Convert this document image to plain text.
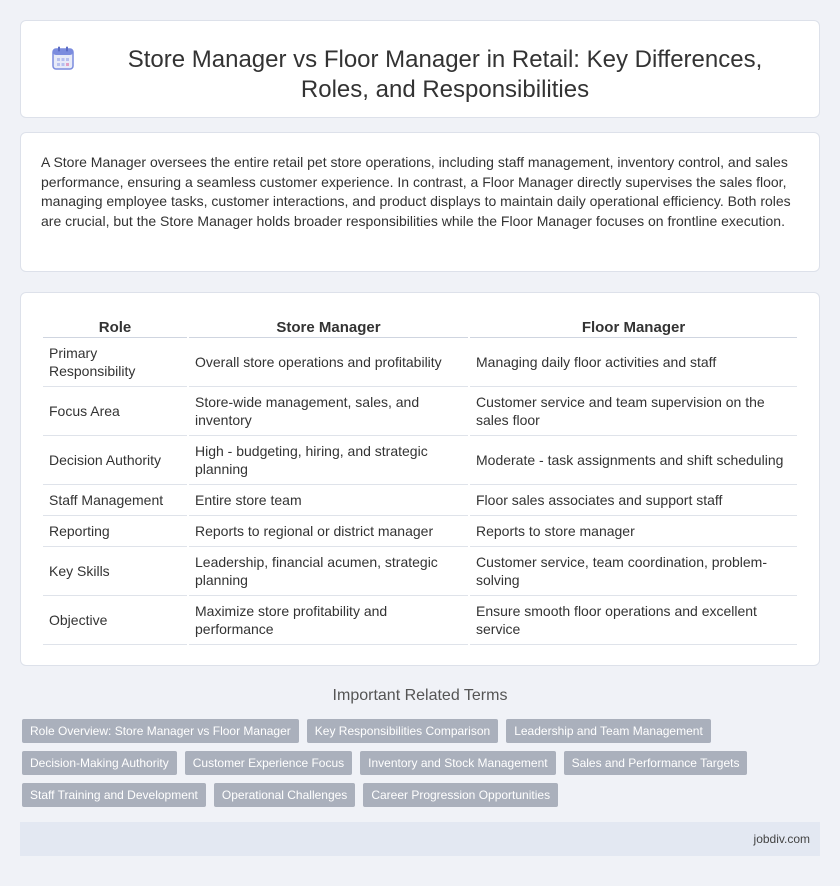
Store Manager vs Floor Manager in Retail: Key Differences, Roles, and Responsibilities

A Store Manager oversees the entire retail pet store operations, including staff management, inventory control, and sales performance, ensuring a seamless customer experience. In contrast, a Floor Manager directly supervises the sales floor, managing employee tasks, customer interactions, and product displays to maintain daily operational efficiency. Both roles are crucial, but the Store Manager holds broader responsibilities while the Floor Manager focuses on frontline execution.

Role	Store Manager	Floor Manager
Primary Responsibility	Overall store operations and profitability	Managing daily floor activities and staff
Focus Area	Store-wide management, sales, and inventory	Customer service and team supervision on the sales floor
Decision Authority	High - budgeting, hiring, and strategic planning	Moderate - task assignments and shift scheduling
Staff Management	Entire store team	Floor sales associates and support staff
Reporting	Reports to regional or district manager	Reports to store manager
Key Skills	Leadership, financial acumen, strategic planning	Customer service, team coordination, problem-solving
Objective	Maximize store profitability and performance	Ensure smooth floor operations and excellent service
Important Related Terms
Role Overview: Store Manager vs Floor Manager	Key Responsibilities Comparison	Leadership and Team Management
Decision-Making Authority	Customer Experience Focus	Inventory and Stock Management	Sales and Performance Targets
Staff Training and Development	Operational Challenges	Career Progression Opportunities
jobdiv.com
